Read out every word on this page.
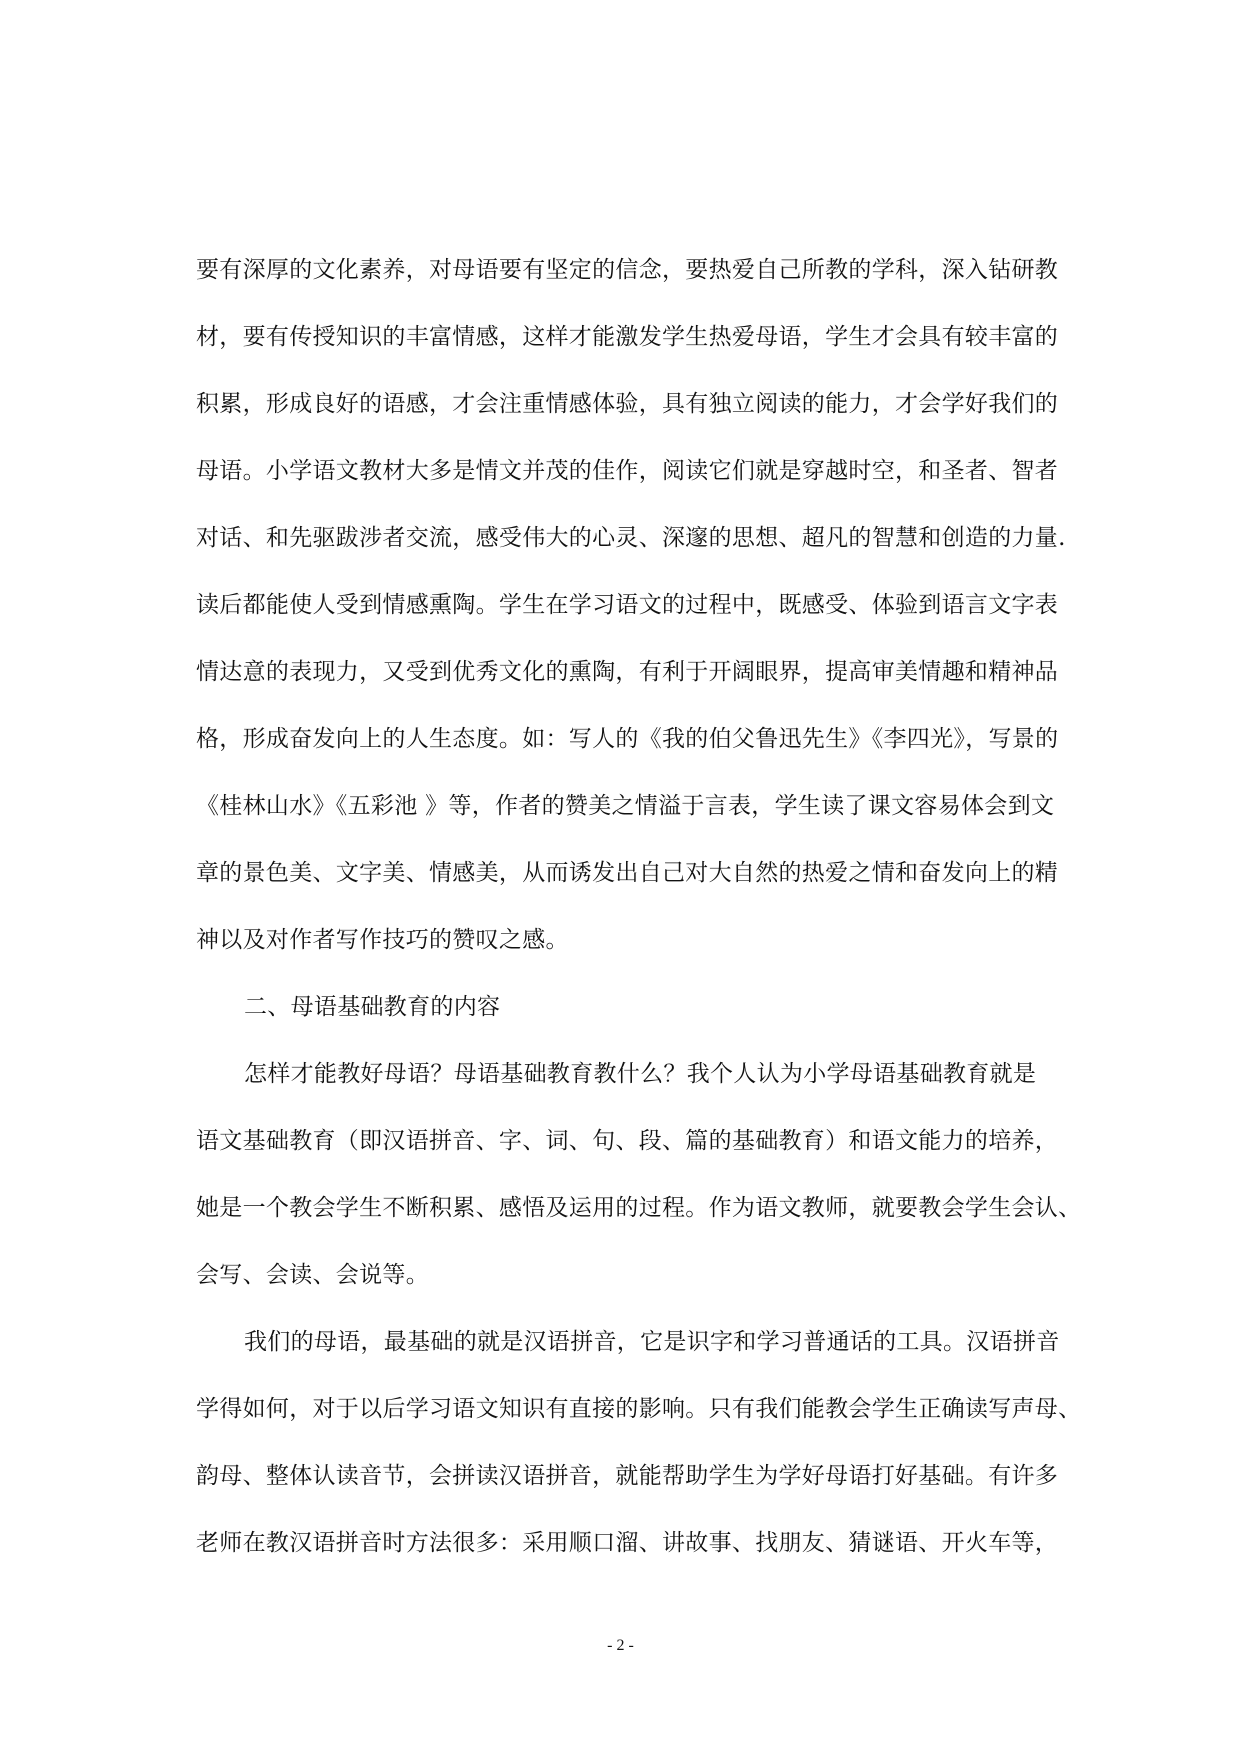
要有深厚的文化素养，对母语要有坚定的信念，要热爱自己所教的学科，深入钻研教
材，要有传授知识的丰富情感，这样才能激发学生热爱母语，学生才会具有较丰富的
积累，形成良好的语感，才会注重情感体验，具有独立阅读的能力，才会学好我们的
母语。小学语文教材大多是情文并茂的佳作，阅读它们就是穿越时空，和圣者、智者
对话、和先驱跋涉者交流，感受伟大的心灵、深邃的思想、超凡的智慧和创造的力量.
读后都能使人受到情感熏陶。学生在学习语文的过程中，既感受、体验到语言文字表
情达意的表现力，又受到优秀文化的熏陶，有利于开阔眼界，提高审美情趣和精神品
格，形成奋发向上的人生态度。如：写人的《我的伯父鲁迅先生》《李四光》，写景的
《桂林山水》《五彩池 》等，作者的赞美之情溢于言表，学生读了课文容易体会到文
章的景色美、文字美、情感美，从而诱发出自己对大自然的热爱之情和奋发向上的精
神以及对作者写作技巧的赞叹之感。
二、母语基础教育的内容
怎样才能教好母语？母语基础教育教什么？我个人认为小学母语基础教育就是
语文基础教育（即汉语拼音、字、词、句、段、篇的基础教育）和语文能力的培养，
她是一个教会学生不断积累、感悟及运用的过程。作为语文教师，就要教会学生会认、
会写、会读、会说等。
我们的母语，最基础的就是汉语拼音，它是识字和学习普通话的工具。汉语拼音
学得如何，对于以后学习语文知识有直接的影响。只有我们能教会学生正确读写声母、
韵母、整体认读音节，会拼读汉语拼音，就能帮助学生为学好母语打好基础。有许多
老师在教汉语拼音时方法很多：采用顺口溜、讲故事、找朋友、猜谜语、开火车等，
- 2 -
